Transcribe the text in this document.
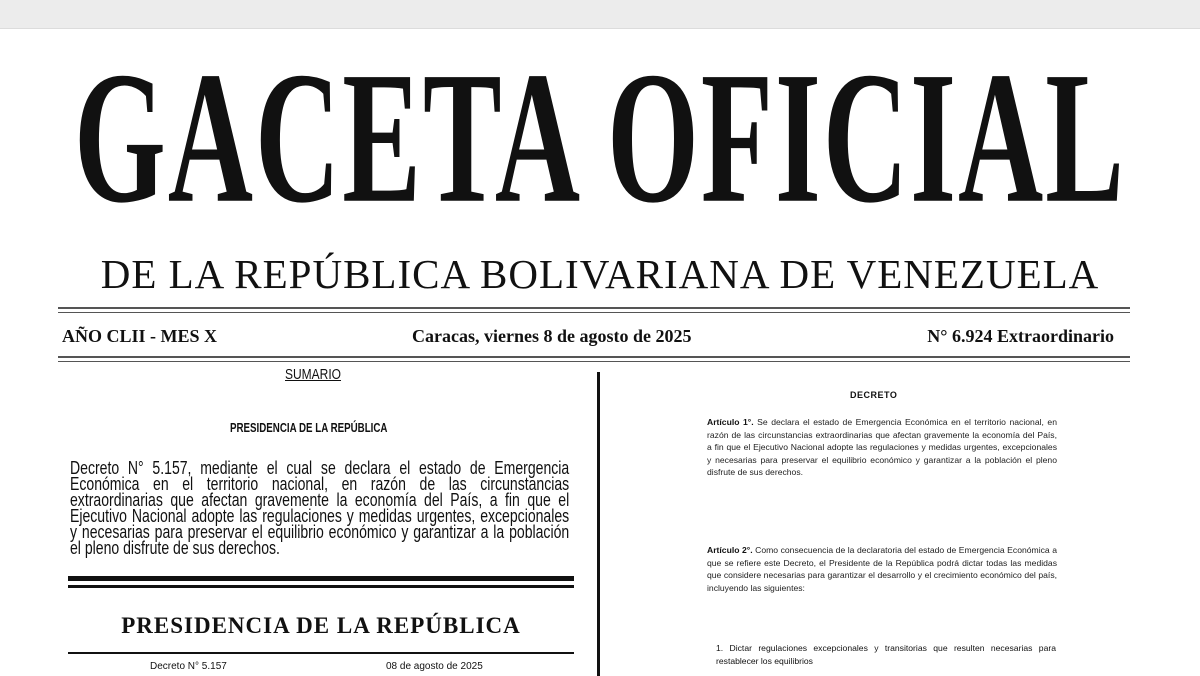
GACETA OFICIAL
DE LA REPÚBLICA BOLIVARIANA DE VENEZUELA
AÑO CLII - MES X	Caracas, viernes 8 de agosto de 2025	N° 6.924 Extraordinario
SUMARIO
PRESIDENCIA DE LA REPÚBLICA
Decreto N° 5.157, mediante el cual se declara el estado de Emergencia Económica en el territorio nacional, en razón de las circunstancias extraordinarias que afectan gravemente la economía del País, a fin que el Ejecutivo Nacional adopte las regulaciones y medidas urgentes, excepcionales y necesarias para preservar el equilibrio económico y garantizar a la población el pleno disfrute de sus derechos.
PRESIDENCIA DE LA REPÚBLICA
Decreto N° 5.157	08 de agosto de 2025
DECRETO
Artículo 1°. Se declara el estado de Emergencia Económica en el territorio nacional, en razón de las circunstancias extraordinarias que afectan gravemente la economía del País, a fin que el Ejecutivo Nacional adopte las regulaciones y medidas urgentes, excepcionales y necesarias para preservar el equilibrio económico y garantizar a la población el pleno disfrute de sus derechos.
Artículo 2°. Como consecuencia de la declaratoria del estado de Emergencia Económica a que se refiere este Decreto, el Presidente de la República podrá dictar todas las medidas que considere necesarias para garantizar el desarrollo y el crecimiento económico del país, incluyendo las siguientes:
1. Dictar regulaciones excepcionales y transitorias que resulten necesarias para restablecer los equilibrios
